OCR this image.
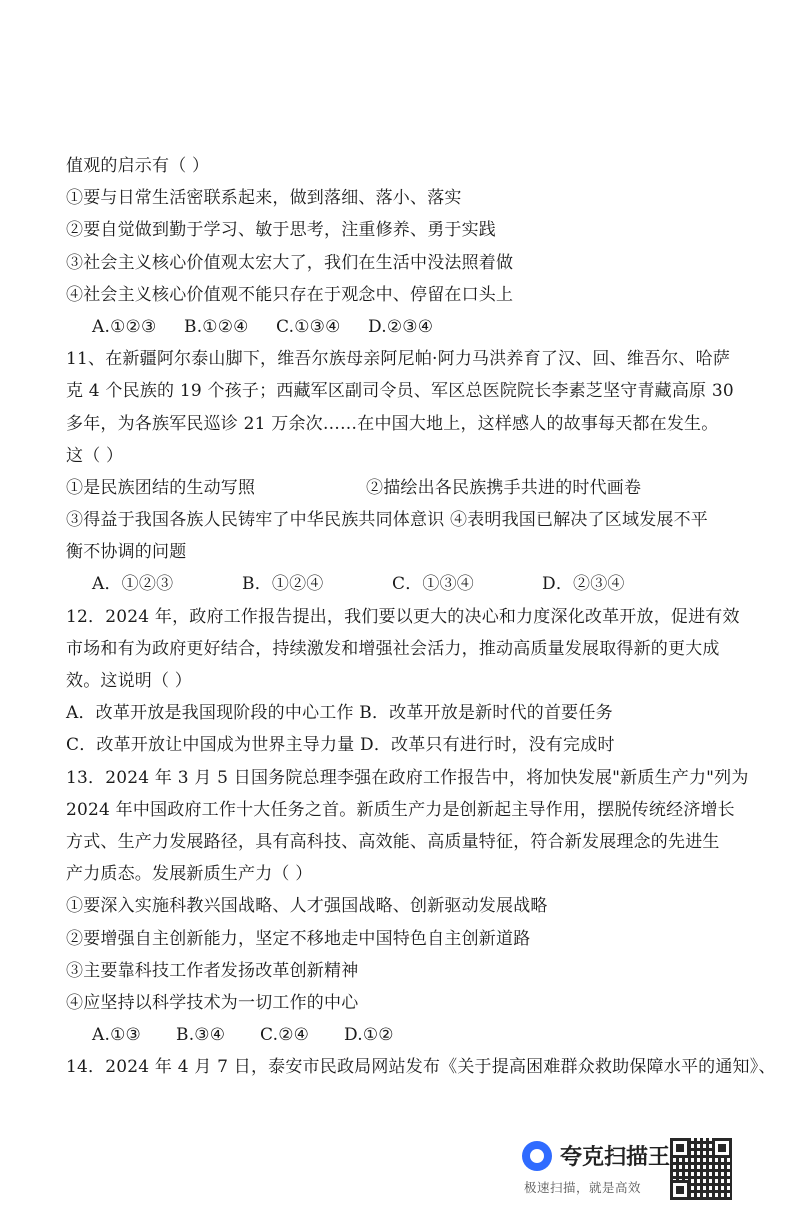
值观的启示有（ ）
①要与日常生活密联系起来，做到落细、落小、落实
②要自觉做到勤于学习、敏于思考，注重修养、勇于实践
③社会主义核心价值观太宏大了，我们在生活中没法照着做
④社会主义核心价值观不能只存在于观念中、停留在口头上
A.①②③ B.①②④ C.①③④ D.②③④
11、在新疆阿尔泰山脚下，维吾尔族母亲阿尼帕·阿力马洪养育了汉、回、维吾尔、哈萨
克 4 个民族的 19 个孩子；西藏军区副司令员、军区总医院院长李素芝坚守青藏高原 30
多年，为各族军民巡诊 21 万余次……在中国大地上，这样感人的故事每天都在发生。
这（ ）
①是民族团结的生动写照	②描绘出各民族携手共进的时代画卷
③得益于我国各族人民铸牢了中华民族共同体意识 ④表明我国已解决了区域发展不平
衡不协调的问题
A．①②③	B．①②④	C．①③④	D．②③④
12．2024 年，政府工作报告提出，我们要以更大的决心和力度深化改革开放，促进有效
市场和有为政府更好结合，持续激发和增强社会活力，推动高质量发展取得新的更大成
效。这说明（ ）
A．改革开放是我国现阶段的中心工作 B．改革开放是新时代的首要任务
C．改革开放让中国成为世界主导力量 D．改革只有进行时，没有完成时
13．2024 年 3 月 5 日国务院总理李强在政府工作报告中，将加快发展"新质生产力"列为
2024 年中国政府工作十大任务之首。新质生产力是创新起主导作用，摆脱传统经济增长
方式、生产力发展路径，具有高科技、高效能、高质量特征，符合新发展理念的先进生
产力质态。发展新质生产力（ ）
①要深入实施科教兴国战略、人才强国战略、创新驱动发展战略
②要增强自主创新能力，坚定不移地走中国特色自主创新道路
③主要靠科技工作者发扬改革创新精神
④应坚持以科学技术为一切工作的中心
A.①③ B.③④ C.②④ D.①②
14．2024 年 4 月 7 日，泰安市民政局网站发布《关于提高困难群众救助保障水平的通知》、
夸克扫描王
极速扫描，就是高效
